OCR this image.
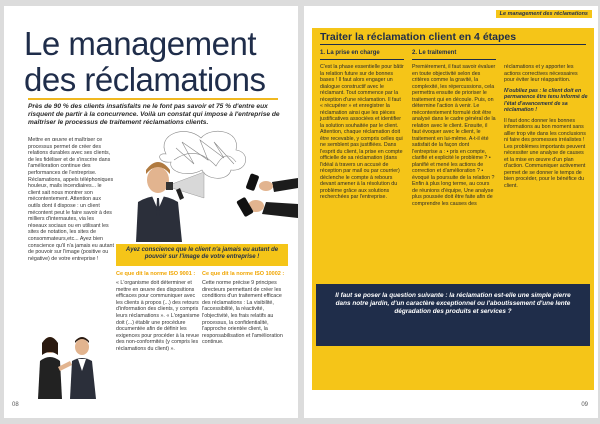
Le management
des réclamations
Près de 90 % des clients insatisfaits ne le font pas savoir et 75 % d'entre eux risquent de partir à la concurrence. Voilà un constat qui impose à l'entreprise de maîtriser le processus de traitement réclamations clients.
Mettre en œuvre et maîtriser ce processus permet de créer des relations durables avec ses clients, de les fidéliser et de s'inscrire dans l'amélioration continue des performances de l'entreprise. Réclamations, appels téléphoniques houleux, mails incendiaires... le client sait nous montrer son mécontentement. Attention aux outils dont il dispose : un client mécontent peut le faire savoir à des milliers d'internautes, via les réseaux sociaux ou en utilisant les sites de notation, les sites de consommateurs,etc... Ayez bien conscience qu'il n'a jamais eu autant de pouvoir sur l'image (positive ou négative) de votre entreprise !
Ayez conscience que le client n'a jamais eu autant de pouvoir sur l'image de votre entreprise !
Ce que dit la norme ISO 9001 :
« L'organisme doit déterminer et mettre en œuvre des dispositions efficaces pour communiquer avec les clients à propos (...) des retours d'information des clients, y compris leurs réclamations ». « L'organisme doit (...) établir une procédure documentée afin de définir les exigences pour procéder à la revue des non-conformités (y compris les réclamations du client) ».
Ce que dit la norme ISO 10002 :
Cette norme précise 9 principes directeurs permettant de créer les conditions d'un traitement efficace des réclamations : La visibilité, l'accessibilité, la réactivité, l'objectivité, les frais relatifs au processus, la confidentialité, l'approche orientée client, la responsabilisation et l'amélioration continue.
08
Le management des réclamations
Traiter la réclamation client en 4 étapes
1. La prise en charge	2. Le traitement
C'est la phase essentielle pour bâtir la relation future sur de bonnes bases ! Il faut alors engager un dialogue constructif avec le réclamant. Tout commence par la réception d'une réclamation. Il faut « récupérer » et enregistrer la réclamation ainsi que les pièces justificatives associées et identifier la solution souhaitée par le client. Attention, chaque réclamation doit être recevable, y compris celles qui ne semblent pas justifiées. Dans l'esprit du client, la prise en compte officielle de sa réclamation (dans l'idéal à travers un accusé de réception par mail ou par courrier) déclenche le compte à rebours devant amener à la résolution du problème grâce aux solutions recherchées par l'entreprise.
Premièrement, il faut savoir évaluer en toute objectivité selon des critères comme la gravité, la complexité, les répercussions, cela permettra ensuite de prioriser le traitement qui en découle. Puis, on détermine l'action à venir. Le mécontentement formulé doit être analysé dans le cadre général de la relation avec le client. Ensuite, il faut évoquer avec le client, le traitement en lui-même. A-t-il été satisfait de la façon dont l'entreprise a : • pris en compte, clarifié et explicité le problème ? • planifié et mené les actions de correction et d'amélioration ? • évoqué la poursuite de la relation ? Enfin à plus long terme, au cours de réunions d'équipe, Une analyse plus poussée doit être faite afin de comprendre les causes des

réclamations et y apporter les actions correctives nécessaires pour éviter leur réapparition.

N'oubliez pas : le client doit en permanence être tenu informé de l'état d'avancement de sa réclamation !

Il faut donc donner les bonnes informations au bon moment sans alller trop vite dans les conclusions ni faire des promesses irréalistes ! Les problèmes importants peuvent nécessiter une analyse de causes et la mise en œuvre d'un plan d'action. Communiquer activement permet de se donner le temps de bien procéder, pour le bénéfice du client.

Il faut se poser la question suivante : la réclamation est-elle une simple pierre dans notre jardin, d'un caractère exceptionnel ou l'aboutissement d'une lente dégradation des produits et services ?
09
